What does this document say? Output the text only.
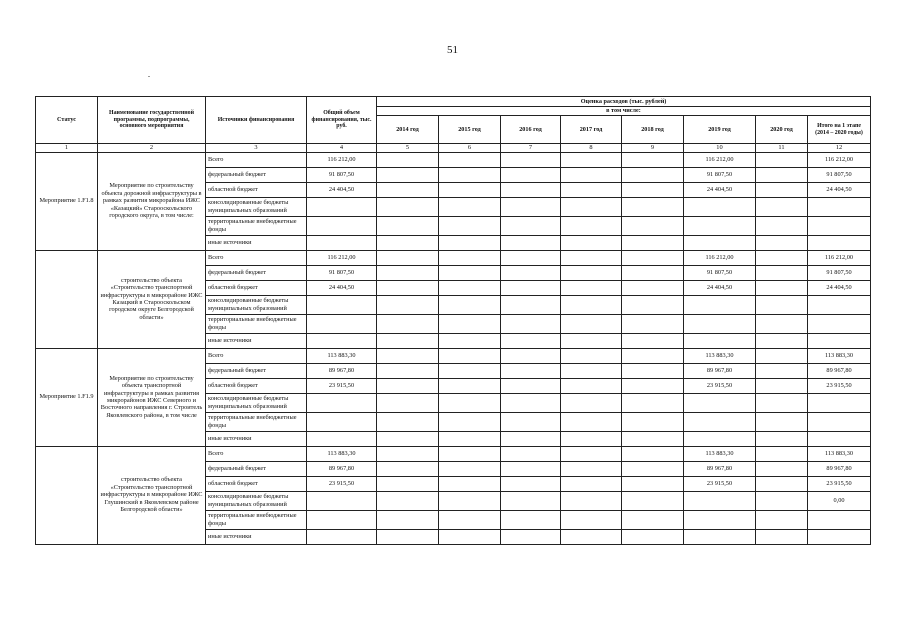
51
Статус	Наименование государственной программы, подпрограммы, основного мероприятия	Источники финансирования	Общий объем финансирования, тыс. руб.	Оценка расходов (тыс. рублей)							
				в том числе:							
				2014 год	2015 год	2016 год	2017 год	2018 год	2019 год	2020 год	Итого на 1 этапе (2014 – 2020 годы)
1	2	3	4	5	6	7	8	9	10	11	12
Мероприятие 1.F1.8	Мероприятие по строительству объекта дорожной инфраструктуры в рамках развития микрорайона ИЖС «Казацкий» Старооскольского городского округа, в том числе:	Всего	116 212,00						116 212,00		116 212,00
		федеральный бюджет	91 807,50						91 807,50		91 807,50
		областной бюджет	24 404,50						24 404,50		24 404,50
		консолидированные бюджеты муниципальных образований									
		территориальные внебюджетные фонды									
		иные источники									
	строительство объекта «Строительство транспортной инфраструктуры в микрорайоне ИЖС Казацкий в Старооскольском городском округе Белгородской области»	Всего	116 212,00						116 212,00		116 212,00
		федеральный бюджет	91 807,50						91 807,50		91 807,50
		областной бюджет	24 404,50						24 404,50		24 404,50
		консолидированные бюджеты муниципальных образований									
		территориальные внебюджетные фонды									
		иные источники									
Мероприятие 1.F1.9	Мероприятие по строительству объекта транспортной инфраструктуры в рамках развития микрорайонов ИЖС Северного и Восточного направления г. Строитель Яковлевского района, в том числе	Всего	113 883,30						113 883,30		113 883,30
		федеральный бюджет	89 967,80						89 967,80		89 967,80
		областной бюджет	23 915,50						23 915,50		23 915,50
		консолидированные бюджеты муниципальных образований									
		территориальные внебюджетные фонды									
		иные источники									
	строительство объекта «Строительство транспортной инфраструктуры в микрорайоне ИЖС Глушинский в Яковлевском районе Белгородской области»	Всего	113 883,30						113 883,30		113 883,30
		федеральный бюджет	89 967,80						89 967,80		89 967,80
		областной бюджет	23 915,50						23 915,50		23 915,50
		консолидированные бюджеты муниципальных образований									0,00
		территориальные внебюджетные фонды									
		иные источники									
